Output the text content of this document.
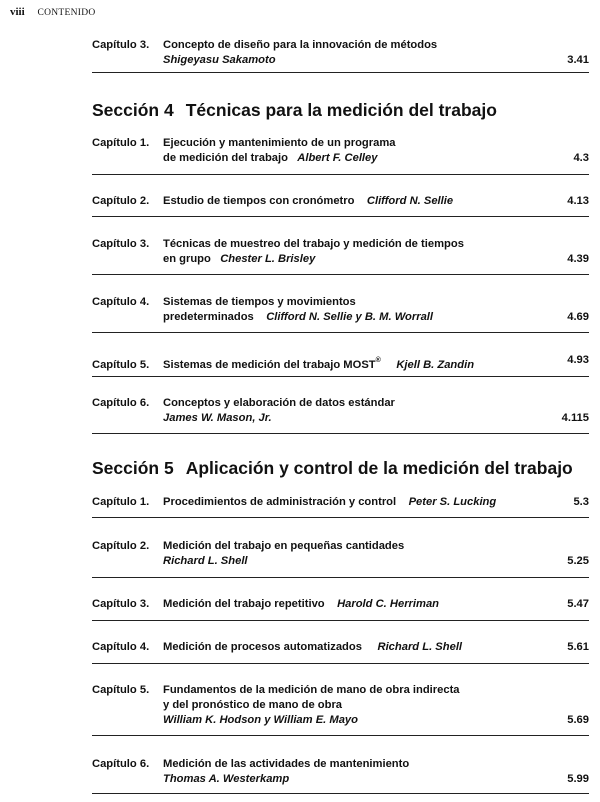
viii CONTENIDO
Capítulo 3. Concepto de diseño para la innovación de métodos
Shigeyasu Sakamoto	3.41
Sección 4 Técnicas para la medición del trabajo
Capítulo 1. Ejecución y mantenimiento de un programa
de medición del trabajo Albert F. Celley	4.3
Capítulo 2. Estudio de tiempos con cronómetro Clifford N. Sellie	4.13
Capítulo 3. Técnicas de muestreo del trabajo y medición de tiempos
en grupo Chester L. Brisley	4.39
Capítulo 4. Sistemas de tiempos y movimientos
predeterminados Clifford N. Sellie y B. M. Worrall	4.69
Capítulo 5. Sistemas de medición del trabajo MOST® Kjell B. Zandin	4.93
Capítulo 6. Conceptos y elaboración de datos estándar
James W. Mason, Jr.	4.115
Sección 5 Aplicación y control de la medición del trabajo
Capítulo 1. Procedimientos de administración y control Peter S. Lucking	5.3
Capítulo 2. Medición del trabajo en pequeñas cantidades
Richard L. Shell	5.25
Capítulo 3. Medición del trabajo repetitivo Harold C. Herriman	5.47
Capítulo 4. Medición de procesos automatizados Richard L. Shell	5.61
Capítulo 5. Fundamentos de la medición de mano de obra indirecta
y del pronóstico de mano de obra
William K. Hodson y William E. Mayo	5.69
Capítulo 6. Medición de las actividades de mantenimiento
Thomas A. Westerkamp	5.99
